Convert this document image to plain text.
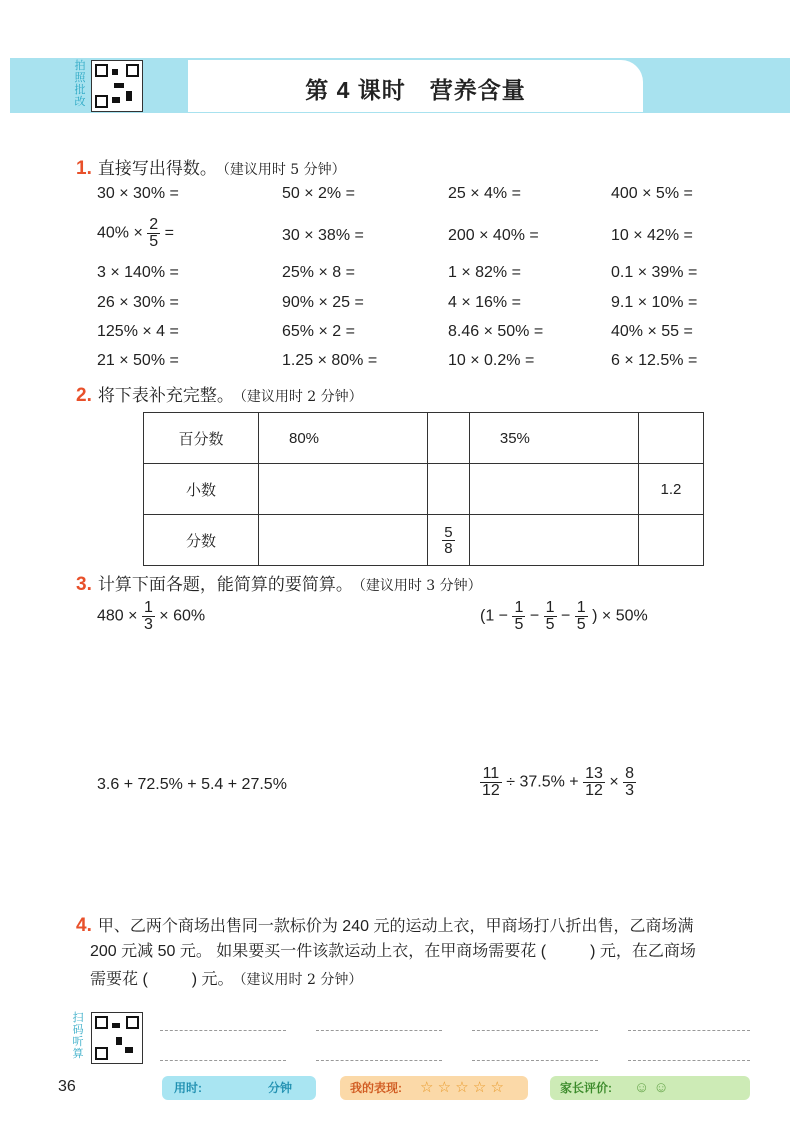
第 4 课时　营养含量
拍
照
批
改
1. 直接写出得数。 （建议用时 5 分钟）
30 × 30% =	50 × 2% =	25 × 4% =	400 × 5% =
$40\% \times \frac{2}{5}$ =	30 × 38% =	200 × 40% =	10 × 42% =
3 × 140% =	25% × 8 =	1 × 82% =	0.1 × 39% =
26 × 30% =	90% × 25 =	4 × 16% =	9.1 × 10% =
125% × 4 =	65% × 2 =	8.46 × 50% =	40% × 55 =
21 × 50% =	1.25 × 80% =	10 × 0.2% =	6 × 12.5% =
2. 将下表补充完整。 （建议用时 2 分钟）
百分数	80%		35%	
小数				1.2
分数		$\frac{5}{8}$

3. 计算下面各题，能简算的要简算。 （建议用时 3 分钟）
$480 \times \frac{1}{3} \times 60\%$	($1 - \frac{1}{5} - \frac{1}{5} - \frac{1}{5}$ ) × 50%
3.6 + 72.5% + 5.4 + 27.5%	$\frac{11}{12} \div 37.5\% + \frac{13}{12} \times \frac{8}{3}$
4. 甲、乙两个商场出售同一款标价为 240 元的运动上衣，甲商场打八折出售，乙商场满
200 元减 50 元。 如果要买一件该款运动上衣，在甲商场需要花 (	) 元，在乙商场
需要花 (	) 元。 （建议用时 2 分钟）
扫
码
听
算
36	用时:	分钟	我的表现: ☆ ☆ ☆ ☆ ☆	家长评价: ☺ ☺
